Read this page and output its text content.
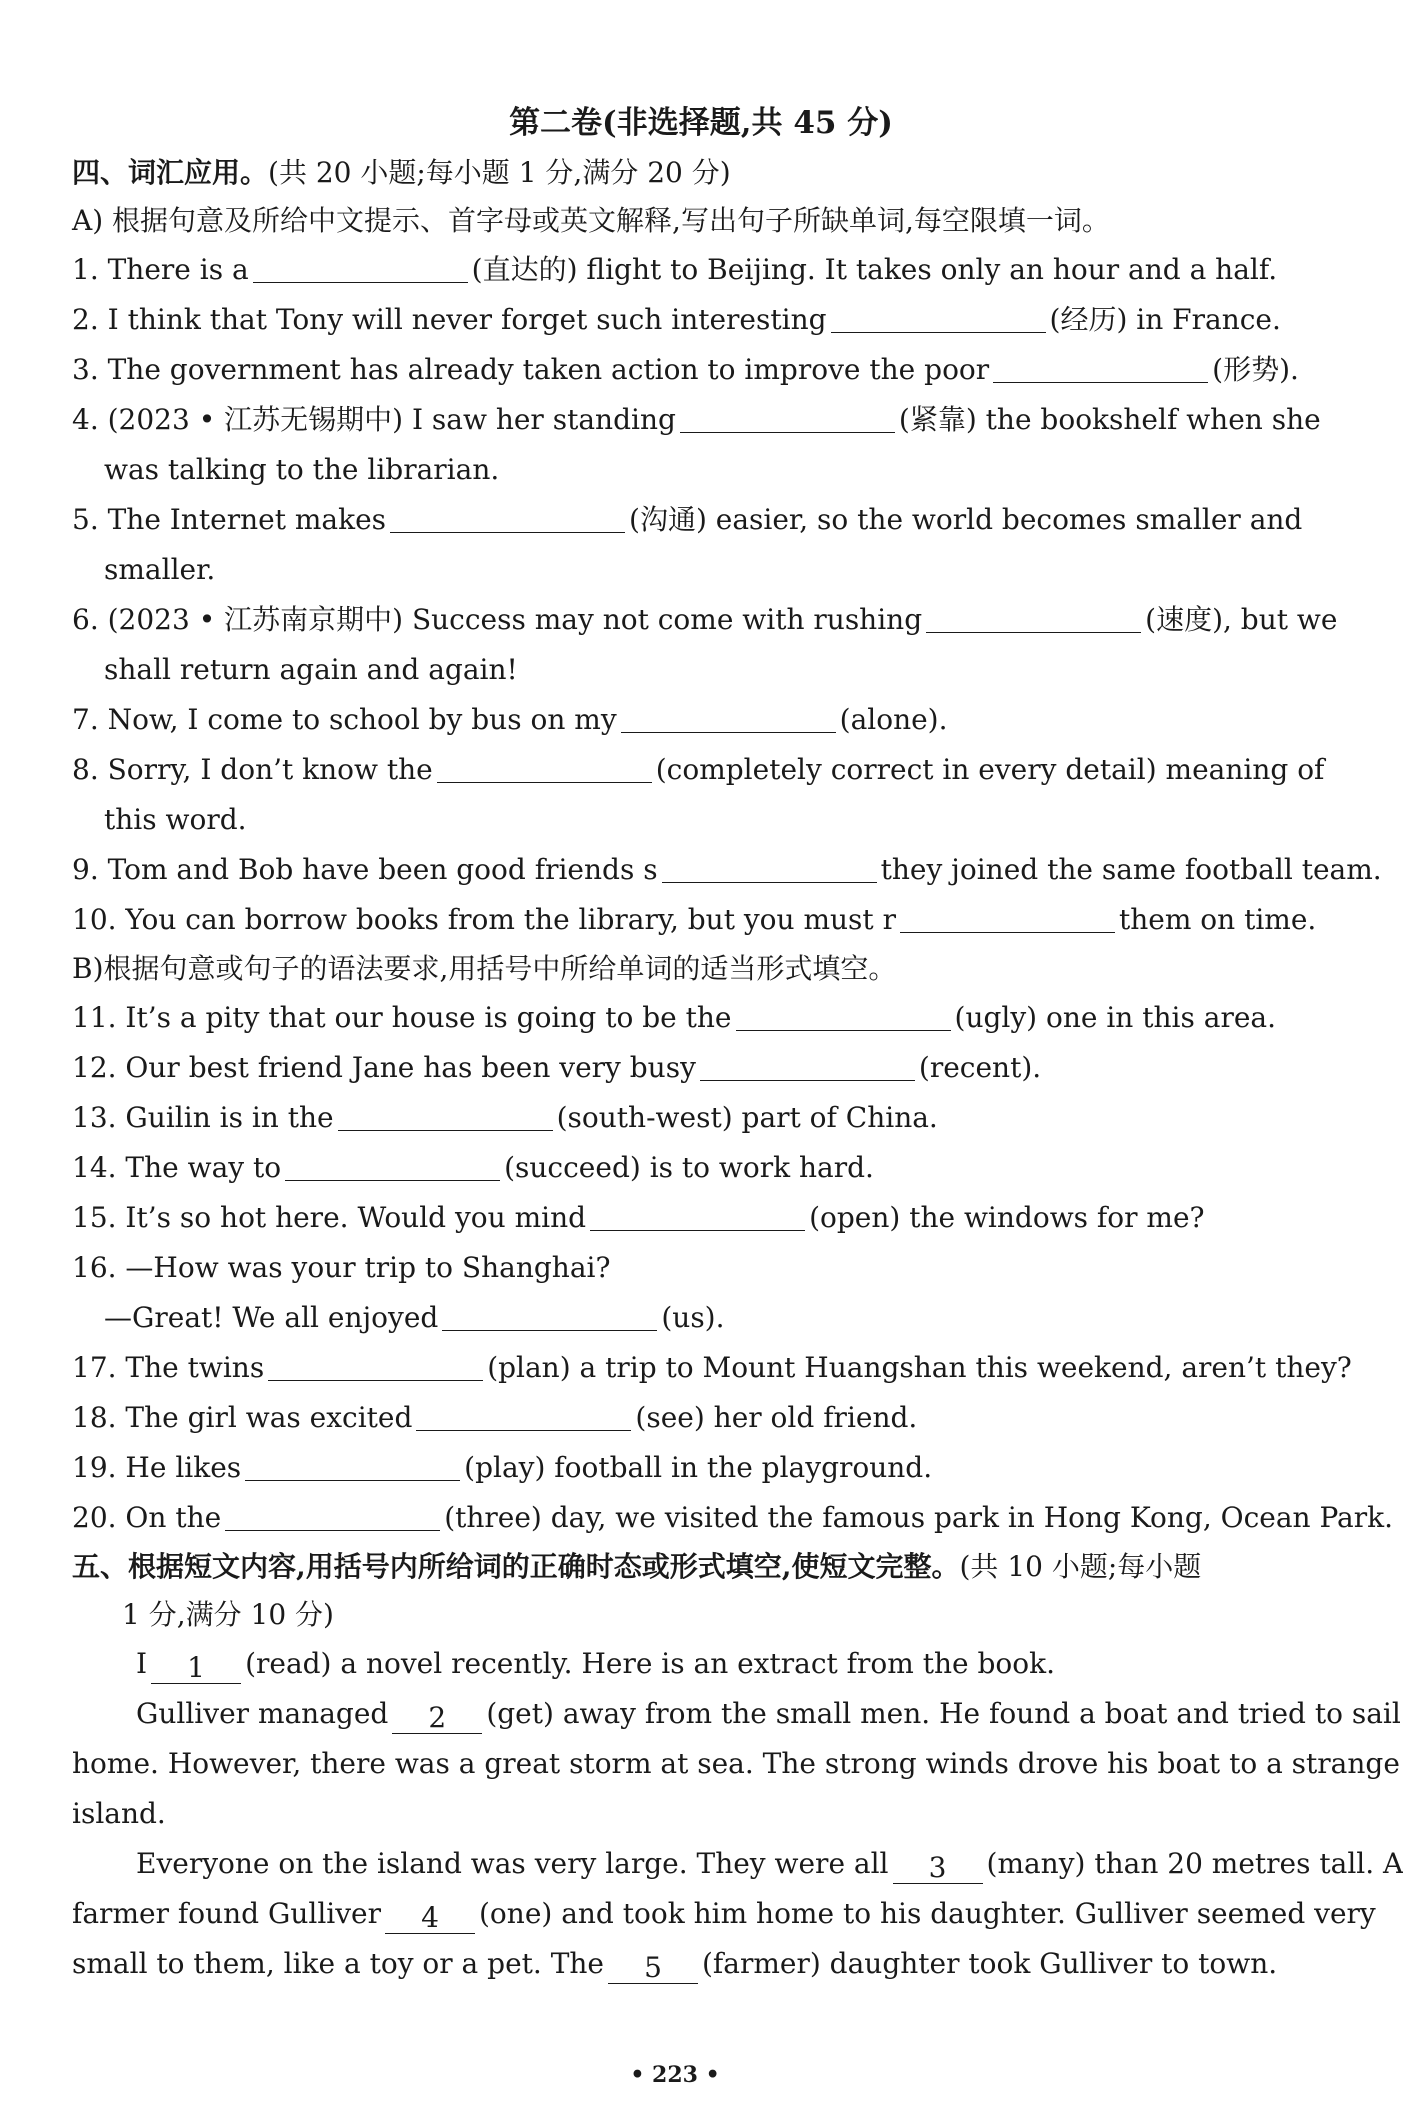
第二卷(非选择题,共 45 分)
四、词汇应用。(共 20 小题;每小题 1 分,满分 20 分)
A) 根据句意及所给中文提示、首字母或英文解释,写出句子所缺单词,每空限填一词。
1. There is a	(直达的) flight to Beijing. It takes only an hour and a half.
2. I think that Tony will never forget such interesting	(经历) in France.
3. The government has already taken action to improve the poor	(形势).
4. (2023 • 江苏无锡期中) I saw her standing	(紧靠) the bookshelf when she
was talking to the librarian.
5. The Internet makes	(沟通) easier, so the world becomes smaller and
smaller.
6. (2023 • 江苏南京期中) Success may not come with rushing	(速度), but we
shall return again and again!
7. Now, I come to school by bus on my	(alone).
8. Sorry, I don’t know the	(completely correct in every detail) meaning of
this word.
9. Tom and Bob have been good friends s	they joined the same football team.
10. You can borrow books from the library, but you must r	them on time.
B)根据句意或句子的语法要求,用括号中所给单词的适当形式填空。
11. It’s a pity that our house is going to be the	(ugly) one in this area.
12. Our best friend Jane has been very busy	(recent).
13. Guilin is in the	(south-west) part of China.
14. The way to	(succeed) is to work hard.
15. It’s so hot here. Would you mind	(open) the windows for me?
16. —How was your trip to Shanghai?
—Great! We all enjoyed	(us).
17. The twins	(plan) a trip to Mount Huangshan this weekend, aren’t they?
18. The girl was excited	(see) her old friend.
19. He likes	(play) football in the playground.
20. On the	(three) day, we visited the famous park in Hong Kong, Ocean Park.
五、根据短文内容,用括号内所给词的正确时态或形式填空,使短文完整。(共 10 小题;每小题
1 分,满分 10 分)
I 1 (read) a novel recently. Here is an extract from the book.
Gulliver managed 2 (get) away from the small men. He found a boat and tried to sail
home. However, there was a great storm at sea. The strong winds drove his boat to a strange
island.
Everyone on the island was very large. They were all 3 (many) than 20 metres tall. A
farmer found Gulliver 4 (one) and took him home to his daughter. Gulliver seemed very
small to them, like a toy or a pet. The 5 (farmer) daughter took Gulliver to town.
• 223 •
